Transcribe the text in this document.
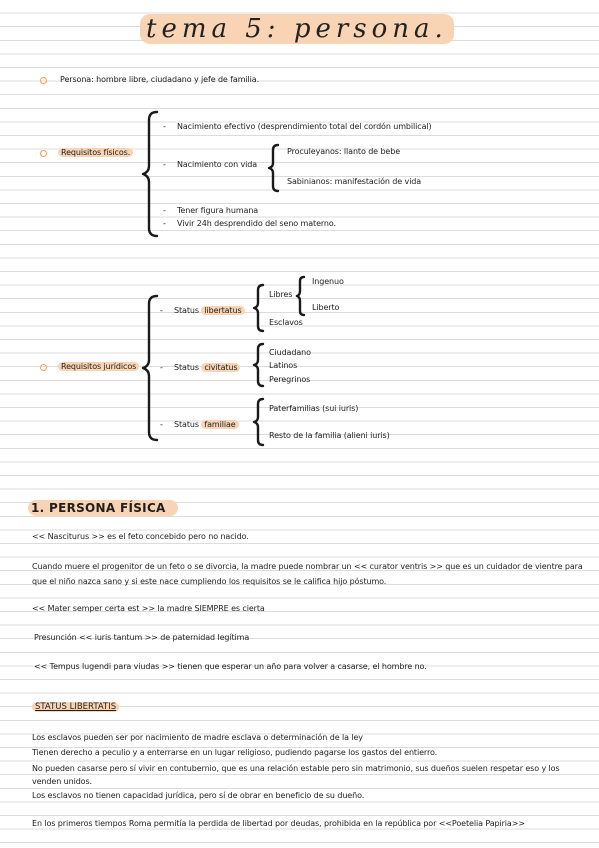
tema 5: persona.
Persona: hombre libre, ciudadano y jefe de familia.
Requisitos físicos.
- Nacimiento efectivo (desprendimiento total del cordón umbilical)
- Nacimiento con vida
Proculeyanos: llanto de bebe
Sabinianos: manifestación de vida
- Tener figura humana
- Vivir 24h desprendido del seno materno.
Requisitos jurídicos
- Status libertatus
Libres
Ingenuo
Liberto
Esclavos
- Status civitatus
Ciudadano
Latinos
Peregrinos
- Status familiae
Paterfamilias (sui iuris)
Resto de la familia (alieni iuris)
1. PERSONA FÍSICA
<< Nasciturus >> es el feto concebido pero no nacido.
Cuando muere el progenitor de un feto o se divorcia, la madre puede nombrar un << curator ventris >> que es un cuidador de vientre para
que el niño nazca sano y si este nace cumpliendo los requisitos se le califica hijo póstumo.
<< Mater semper certa est >> la madre SIEMPRE es cierta
Presunción << iuris tantum >> de paternidad legítima
<< Tempus lugendi para viudas >> tienen que esperar un año para volver a casarse, el hombre no.
STATUS LIBERTATIS
Los esclavos pueden ser por nacimiento de madre esclava o determinación de la ley
Tienen derecho a peculio y a enterrarse en un lugar religioso, pudiendo pagarse los gastos del entierro.
No pueden casarse pero sí vivir en contubernio, que es una relación estable pero sin matrimonio, sus dueños suelen respetar eso y los
venden unidos.
Los esclavos no tienen capacidad jurídica, pero sí de obrar en beneficio de su dueño.
En los primeros tiempos Roma permitía la perdida de libertad por deudas, prohibida en la república por <<Poetelia Papiria>>
